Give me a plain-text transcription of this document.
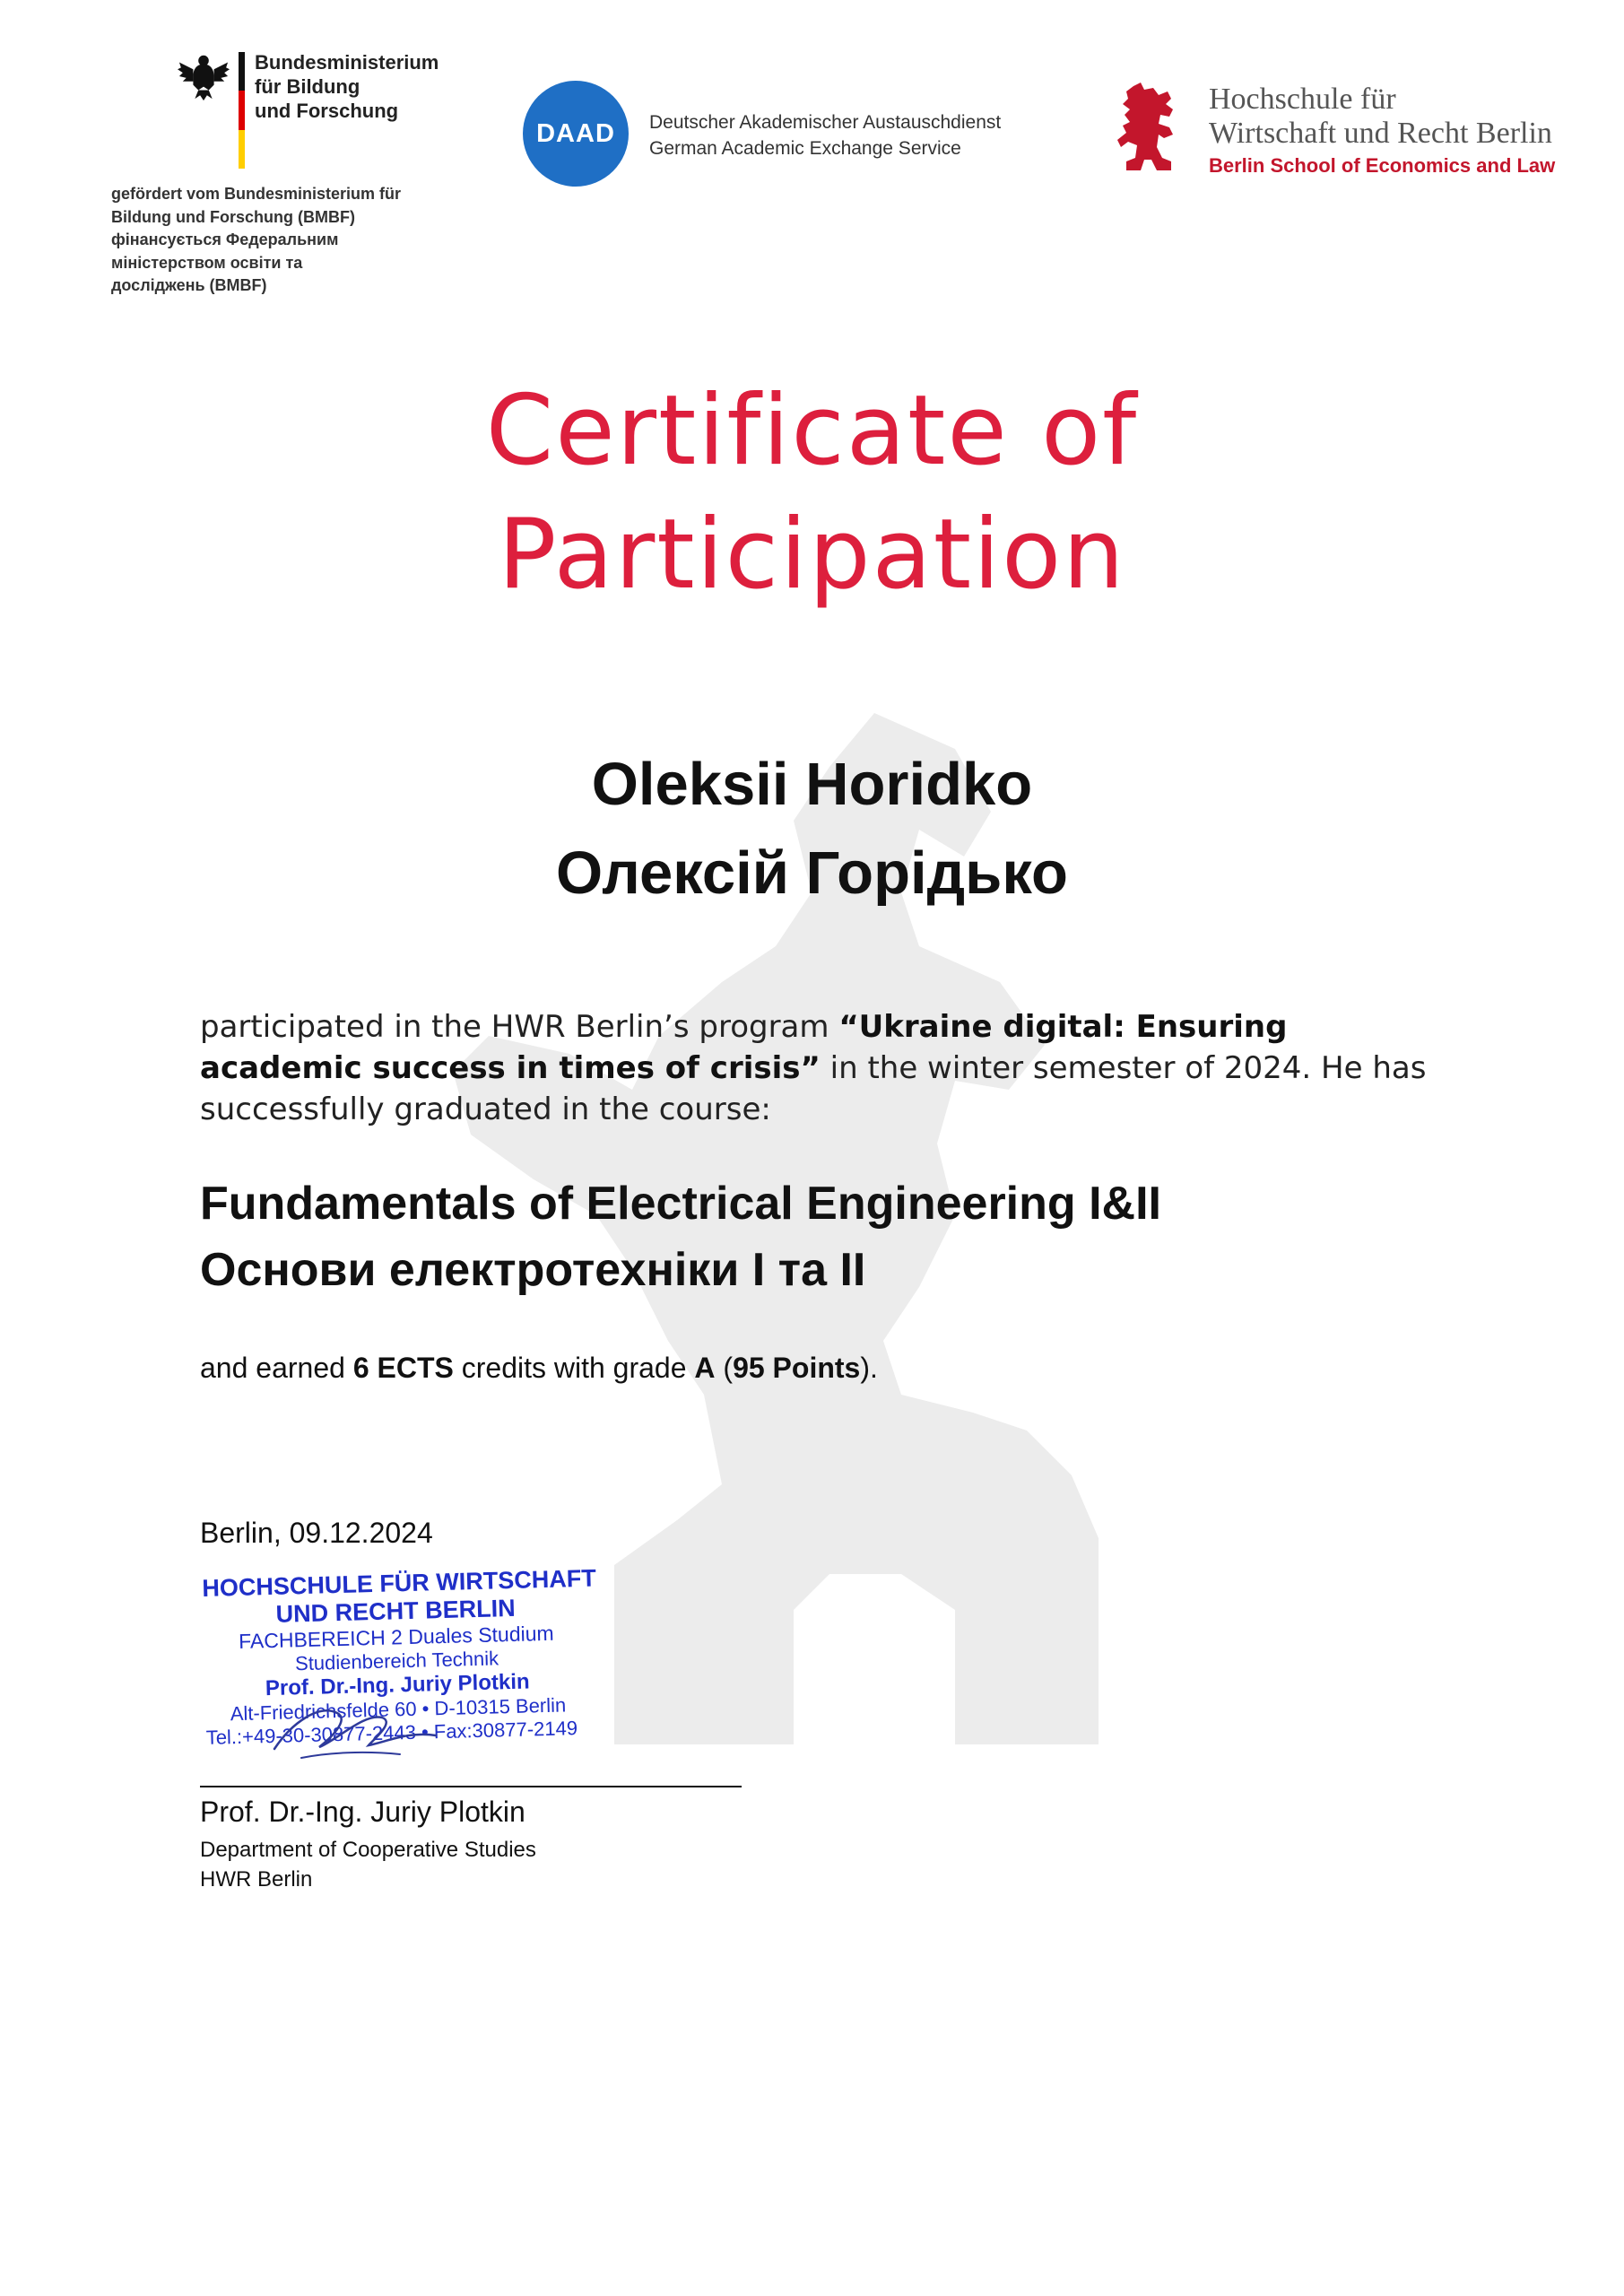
Bundesministerium
für Bildung
und Forschung
gefördert vom Bundesministerium für
Bildung und Forschung (BMBF)
фінансується Федеральним
міністерством освіти та
досліджень (BMBF)
DAAD	Deutscher Akademischer Austauschdienst
German Academic Exchange Service
Hochschule für
Wirtschaft und Recht Berlin
Berlin School of Economics and Law
Certificate of
Participation
Oleksii Horidko
Олексій Горідько
participated in the HWR Berlin’s program “Ukraine digital: Ensuring academic success in times of crisis” in the winter semester of 2024. He has successfully graduated in the course:
Fundamentals of Electrical Engineering I&II
Основи електротехніки І та ІІ
and earned 6 ECTS credits with grade A (95 Points).
Berlin, 09.12.2024
HOCHSCHULE FÜR WIRTSCHAFT
UND RECHT BERLIN
FACHBEREICH 2 Duales Studium
Studienbereich Technik
Prof. Dr.-Ing. Juriy Plotkin
Alt-Friedrichsfelde 60 • D-10315 Berlin
Tel.:+49-30-30877-2443 • Fax:30877-2149
Prof. Dr.-Ing. Juriy Plotkin
Department of Cooperative Studies
HWR Berlin
